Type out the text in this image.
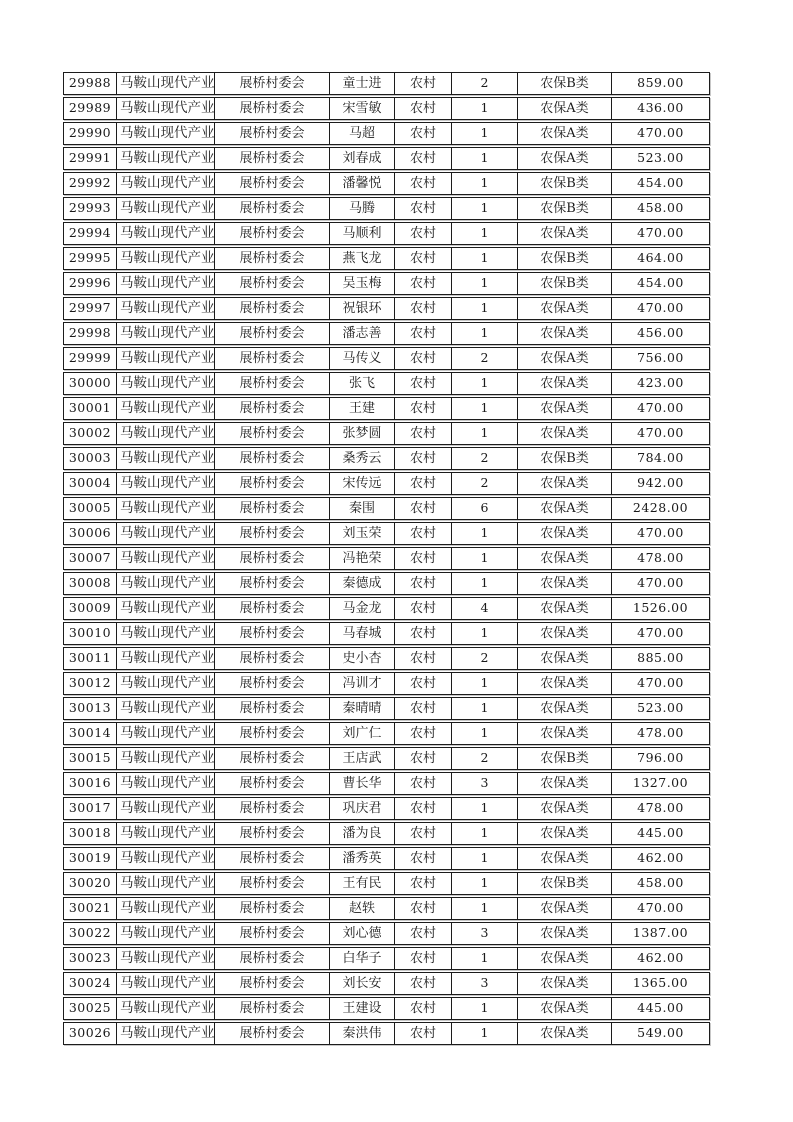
29988 马鞍山现代产业	展桥村委会	童士进	农村	2	农保B类	859.00
29989 马鞍山现代产业	展桥村委会	宋雪敏	农村	1	农保A类	436.00
29990 马鞍山现代产业	展桥村委会	马超	农村	1	农保A类	470.00
29991 马鞍山现代产业	展桥村委会	刘春成	农村	1	农保A类	523.00
29992 马鞍山现代产业	展桥村委会	潘馨悦	农村	1	农保B类	454.00
29993 马鞍山现代产业	展桥村委会	马腾	农村	1	农保B类	458.00
29994 马鞍山现代产业	展桥村委会	马顺利	农村	1	农保A类	470.00
29995 马鞍山现代产业	展桥村委会	燕飞龙	农村	1	农保B类	464.00
29996 马鞍山现代产业	展桥村委会	吴玉梅	农村	1	农保B类	454.00
29997 马鞍山现代产业	展桥村委会	祝银环	农村	1	农保A类	470.00
29998 马鞍山现代产业	展桥村委会	潘志善	农村	1	农保A类	456.00
29999 马鞍山现代产业	展桥村委会	马传义	农村	2	农保A类	756.00
30000 马鞍山现代产业	展桥村委会	张飞	农村	1	农保A类	423.00
30001 马鞍山现代产业	展桥村委会	王建	农村	1	农保A类	470.00
30002 马鞍山现代产业	展桥村委会	张梦圆	农村	1	农保A类	470.00
30003 马鞍山现代产业	展桥村委会	桑秀云	农村	2	农保B类	784.00
30004 马鞍山现代产业	展桥村委会	宋传远	农村	2	农保A类	942.00
30005 马鞍山现代产业	展桥村委会	秦围	农村	6	农保A类	2428.00
30006 马鞍山现代产业	展桥村委会	刘玉荣	农村	1	农保A类	470.00
30007 马鞍山现代产业	展桥村委会	冯艳荣	农村	1	农保A类	478.00
30008 马鞍山现代产业	展桥村委会	秦德成	农村	1	农保A类	470.00
30009 马鞍山现代产业	展桥村委会	马金龙	农村	4	农保A类	1526.00
30010 马鞍山现代产业	展桥村委会	马春城	农村	1	农保A类	470.00
30011 马鞍山现代产业	展桥村委会	史小杏	农村	2	农保A类	885.00
30012 马鞍山现代产业	展桥村委会	冯训才	农村	1	农保A类	470.00
30013 马鞍山现代产业	展桥村委会	秦晴晴	农村	1	农保A类	523.00
30014 马鞍山现代产业	展桥村委会	刘广仁	农村	1	农保A类	478.00
30015 马鞍山现代产业	展桥村委会	王店武	农村	2	农保B类	796.00
30016 马鞍山现代产业	展桥村委会	曹长华	农村	3	农保A类	1327.00
30017 马鞍山现代产业	展桥村委会	巩庆君	农村	1	农保A类	478.00
30018 马鞍山现代产业	展桥村委会	潘为良	农村	1	农保A类	445.00
30019 马鞍山现代产业	展桥村委会	潘秀英	农村	1	农保A类	462.00
30020 马鞍山现代产业	展桥村委会	王有民	农村	1	农保B类	458.00
30021 马鞍山现代产业	展桥村委会	赵轶	农村	1	农保A类	470.00
30022 马鞍山现代产业	展桥村委会	刘心德	农村	3	农保A类	1387.00
30023 马鞍山现代产业	展桥村委会	白华子	农村	1	农保A类	462.00
30024 马鞍山现代产业	展桥村委会	刘长安	农村	3	农保A类	1365.00
30025 马鞍山现代产业	展桥村委会	王建设	农村	1	农保A类	445.00
30026 马鞍山现代产业	展桥村委会	秦洪伟	农村	1	农保A类	549.00
